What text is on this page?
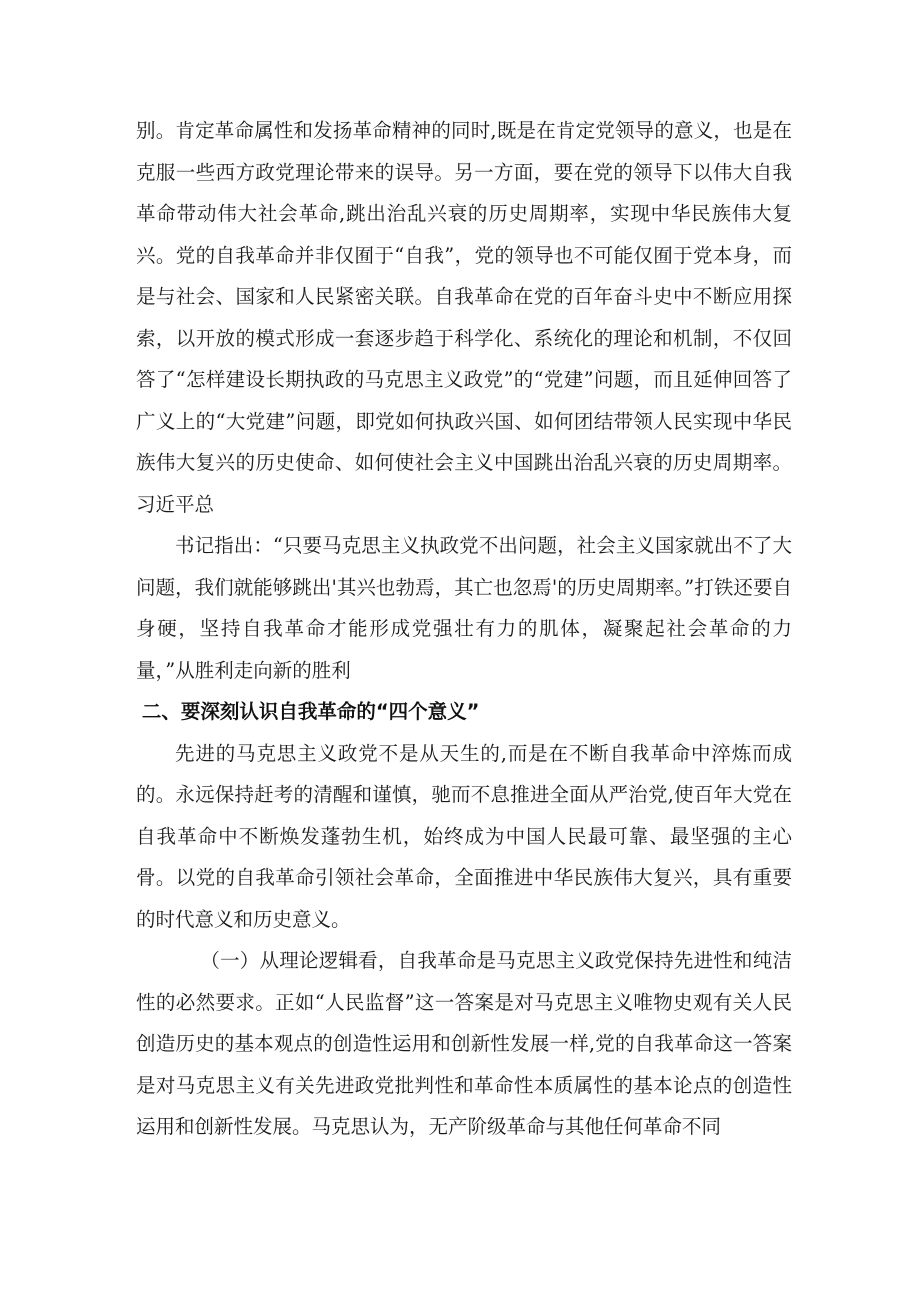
别。肯定革命属性和发扬革命精神的同时,既是在肯定党领导的意义，也是在克服一些西方政党理论带来的误导。另一方面，要在党的领导下以伟大自我革命带动伟大社会革命,跳出治乱兴衰的历史周期率，实现中华民族伟大复兴。党的自我革命并非仅囿于“自我”，党的领导也不可能仅囿于党本身，而是与社会、国家和人民紧密关联。自我革命在党的百年奋斗史中不断应用探索，以开放的模式形成一套逐步趋于科学化、系统化的理论和机制，不仅回答了“怎样建设长期执政的马克思主义政党”的“党建”问题，而且延伸回答了广义上的“大党建”问题，即党如何执政兴国、如何团结带领人民实现中华民族伟大复兴的历史使命、如何使社会主义中国跳出治乱兴衰的历史周期率。习近平总

书记指出：“只要马克思主义执政党不出问题，社会主义国家就出不了大问题，我们就能够跳出'其兴也勃焉，其亡也忽焉'的历史周期率。”打铁还要自身硬，坚持自我革命才能形成党强壮有力的肌体，凝聚起社会革命的力量，”从胜利走向新的胜利

二、要深刻认识自我革命的“四个意义”

先进的马克思主义政党不是从天生的,而是在不断自我革命中淬炼而成的。永远保持赶考的清醒和谨慎，驰而不息推进全面从严治党,使百年大党在自我革命中不断焕发蓬勃生机，始终成为中国人民最可靠、最坚强的主心骨。以党的自我革命引领社会革命，全面推进中华民族伟大复兴，具有重要的时代意义和历史意义。

（一）从理论逻辑看，自我革命是马克思主义政党保持先进性和纯洁性的必然要求。正如“人民监督”这一答案是对马克思主义唯物史观有关人民创造历史的基本观点的创造性运用和创新性发展一样,党的自我革命这一答案是对马克思主义有关先进政党批判性和革命性本质属性的基本论点的创造性运用和创新性发展。马克思认为，无产阶级革命与其他任何革命不同
